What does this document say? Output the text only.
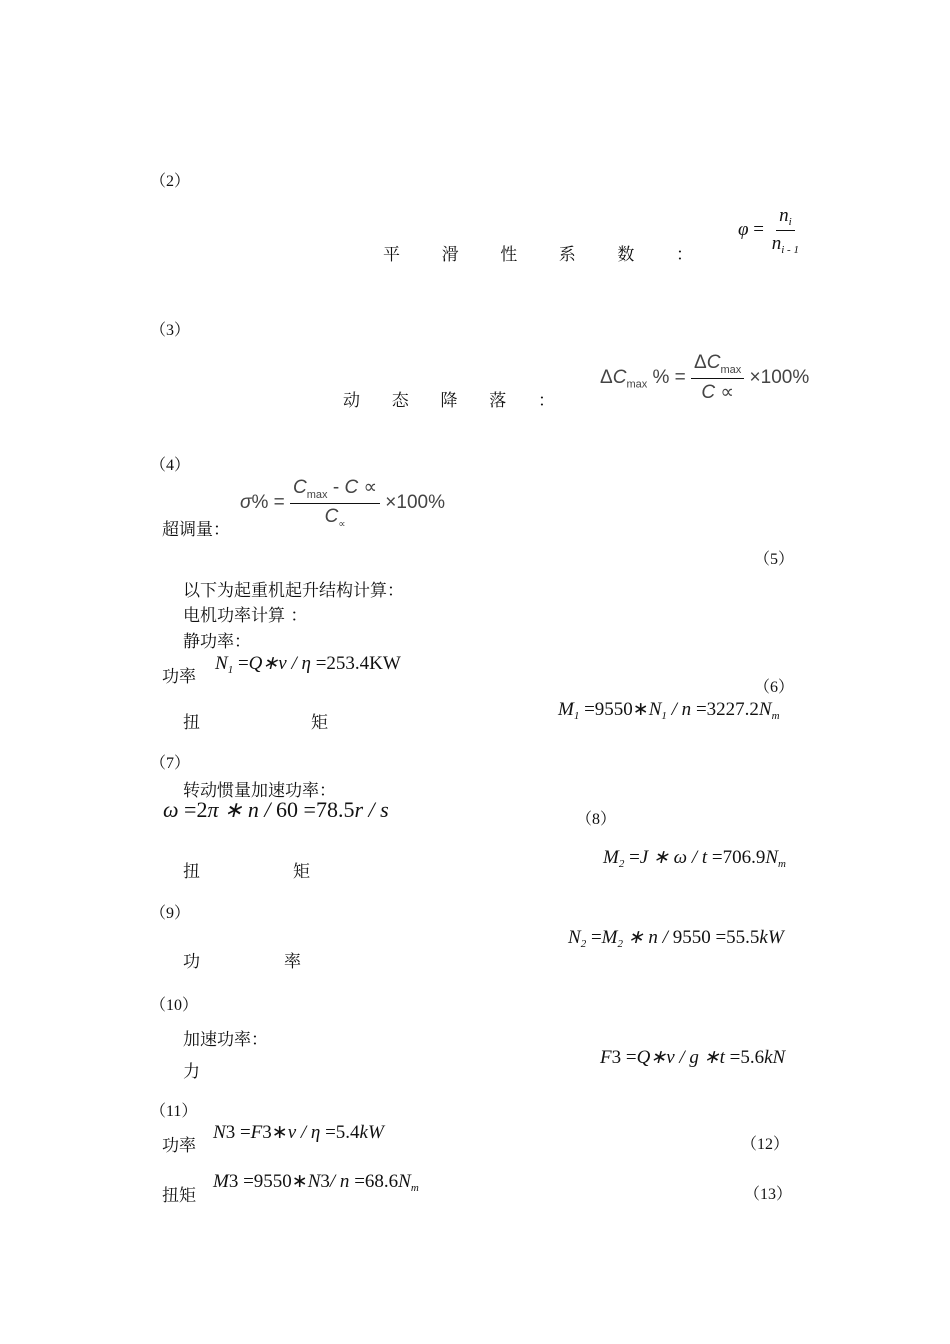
（2）
平 滑 性 系 数 ：
$\varphi = \frac{n_i}{n_{i - 1}}$
（3）
动 态 降 落 ：
$\Delta C_{max}$ % = $\frac{\Delta C_{max}}{C \propto} \times 100\%$
（4）
$\sigma\% = \frac{C_{max} - C \propto}{C_\propto} \times 100\%$
超调量：
（5）
以下为起重机起升结构计算：
电机功率计算 ：
静功率：
功率
$N_1$ =Q∗v / η =253.4KW
（6）
扭	矩
$M_1$ $=9550∗N_1 / n =3227.2N_m$
（7）
转动惯量加速功率：
ω =2π ∗ n / 60 =78.5r / s	（8）
扭	矩
$M_2 =J$ ∗ $\omega / t =706.9N_m$
（9）
$N_2 =M_2$ ∗ n / 9550 =55.5kW
功	率
（10）
加速功率：
力
F3 =Q∗v / g ∗t =5.6kN
（11）
功率
N3 =F3∗v / η =5.4kW
（12）
扭矩
M3 =9550∗N3/ $n =68.6N_m$	（13）
